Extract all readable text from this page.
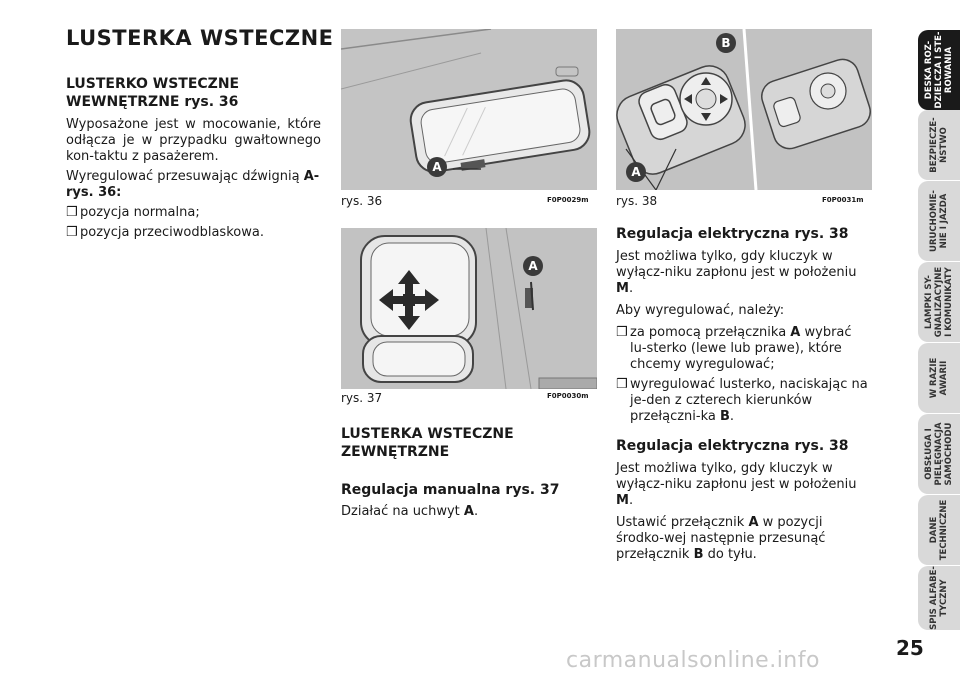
LUSTERKA WSTECZNE
LUSTERKO WSTECZNE WEWNĘTRZNE rys. 36
Wyposażone jest w mocowanie, które odłącza je w przypadku gwałtownego kon-taktu z pasażerem.
Wyregulować przesuwając dźwignią A-
rys. 36:
❒ pozycja normalna;
❒ pozycja przeciwodblaskowa.
A
rys. 36	F0P0029m
A
rys. 37	F0P0030m
LUSTERKA WSTECZNE ZEWNĘTRZNE
Regulacja manualna rys. 37
Działać na uchwyt A.
B
A
rys. 38	F0P0031m
Regulacja elektryczna rys. 38
Jest możliwa tylko, gdy kluczyk w wyłącz-niku zapłonu jest w położeniu M.
Aby wyregulować, należy:
❒ za pomocą przełącznika A wybrać lu-sterko (lewe lub prawe), które chcemy wyregulować;
❒ wyregulować lusterko, naciskając na je-den z czterech kierunków przełączni-ka B.
Regulacja elektryczna rys. 38
Jest możliwa tylko, gdy kluczyk w wyłącz-niku zapłonu jest w położeniu M.
Ustawić przełącznik A w pozycji środko-wej następnie przesunąć przełącznik B do tyłu.
DESKA ROZ-
DZIELCZA I STE-
ROWANIA
BEZPIECZE-
ŃSTWO
URUCHOMIE-
NIE I JAZDA
LAMPKI SY-
GNALIZACYJNE
I KOMUNIKATY
W RAZIE
AWARII
OBSŁUGA I
PIELĘGNACJA
SAMOCHODU
DANE
TECHNICZNE
SPIS ALFABE-
TYCZNY
25
carmanualsonline.info
